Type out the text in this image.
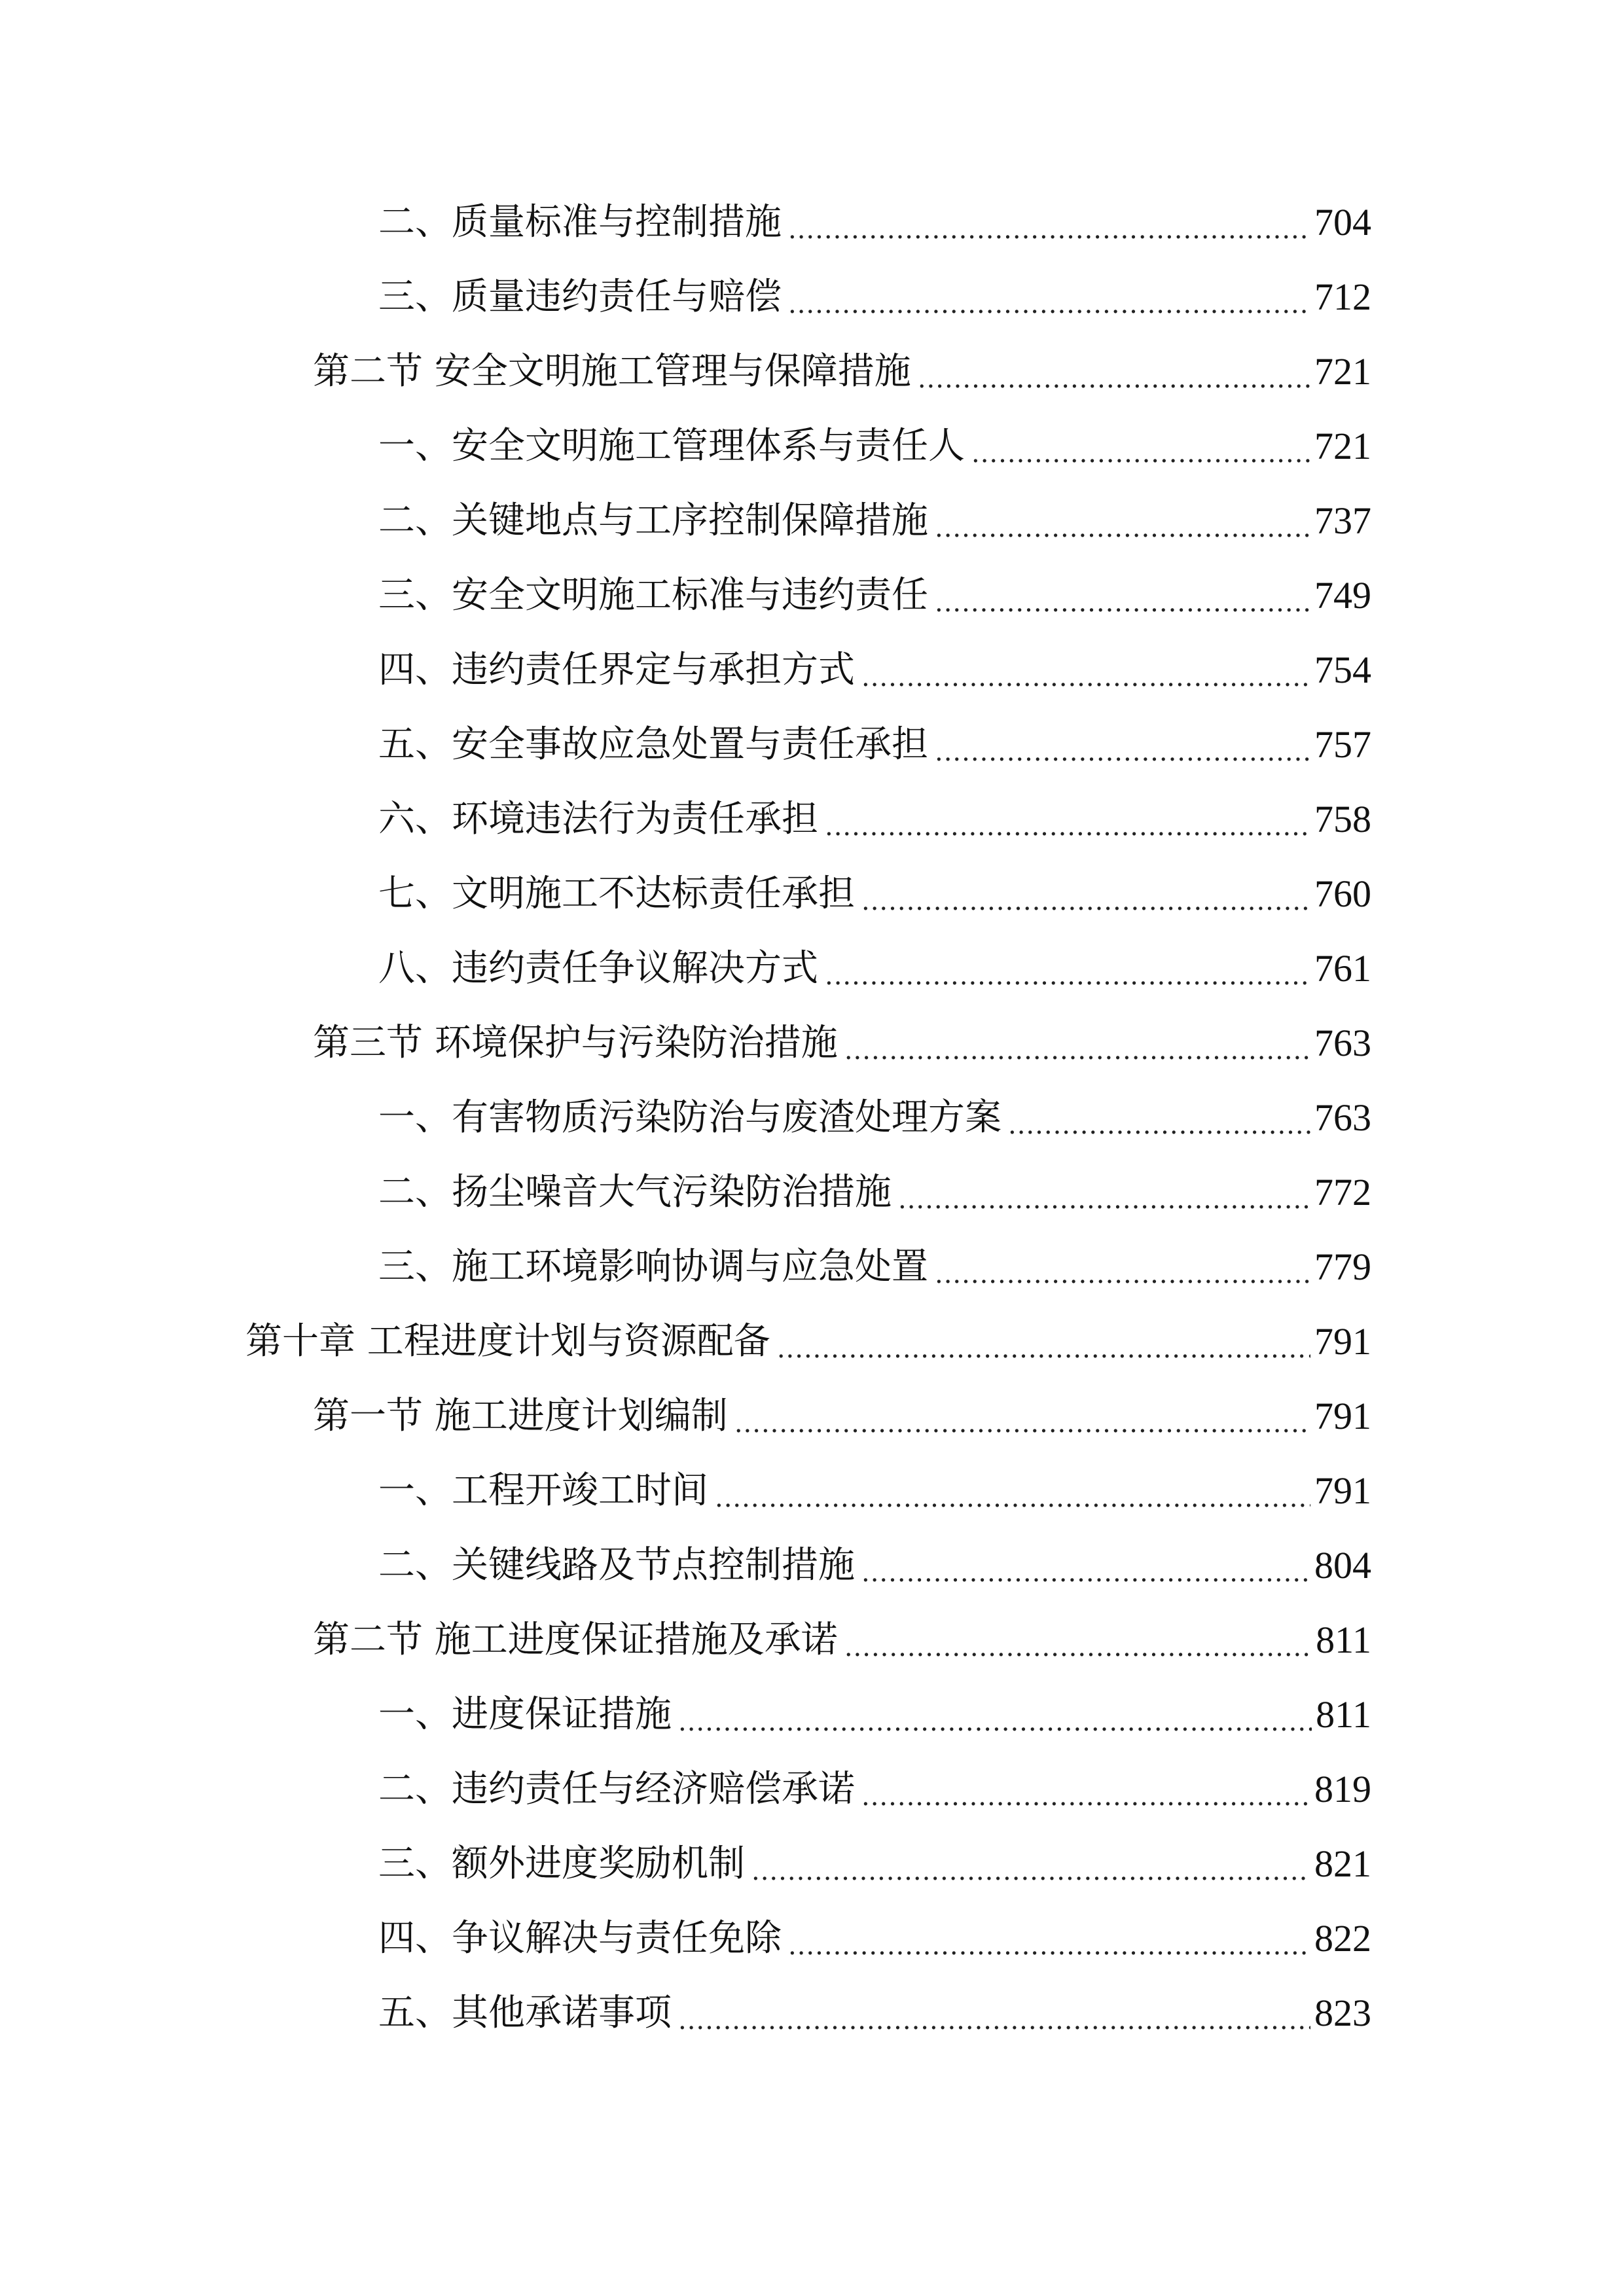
二、质量标准与控制措施 .....	704
三、质量违约责任与赔偿 .....	712
第二节 安全文明施工管理与保障措施 .....	721
一、安全文明施工管理体系与责任人 .....	721
二、关键地点与工序控制保障措施 .....	737
三、安全文明施工标准与违约责任 .....	749
四、违约责任界定与承担方式 .....	754
五、安全事故应急处置与责任承担 .....	757
六、环境违法行为责任承担 .....	758
七、文明施工不达标责任承担 .....	760
八、违约责任争议解决方式 .....	761
第三节 环境保护与污染防治措施 .....	763
一、有害物质污染防治与废渣处理方案 .....	763
二、扬尘噪音大气污染防治措施 .....	772
三、施工环境影响协调与应急处置 .....	779
第十章 工程进度计划与资源配备 .....	791
第一节 施工进度计划编制 .....	791
一、工程开竣工时间 .....	791
二、关键线路及节点控制措施 .....	804
第二节 施工进度保证措施及承诺 .....	811
一、进度保证措施 .....	811
二、违约责任与经济赔偿承诺 .....	819
三、额外进度奖励机制 .....	821
四、争议解决与责任免除 .....	822
五、其他承诺事项 .....	823
